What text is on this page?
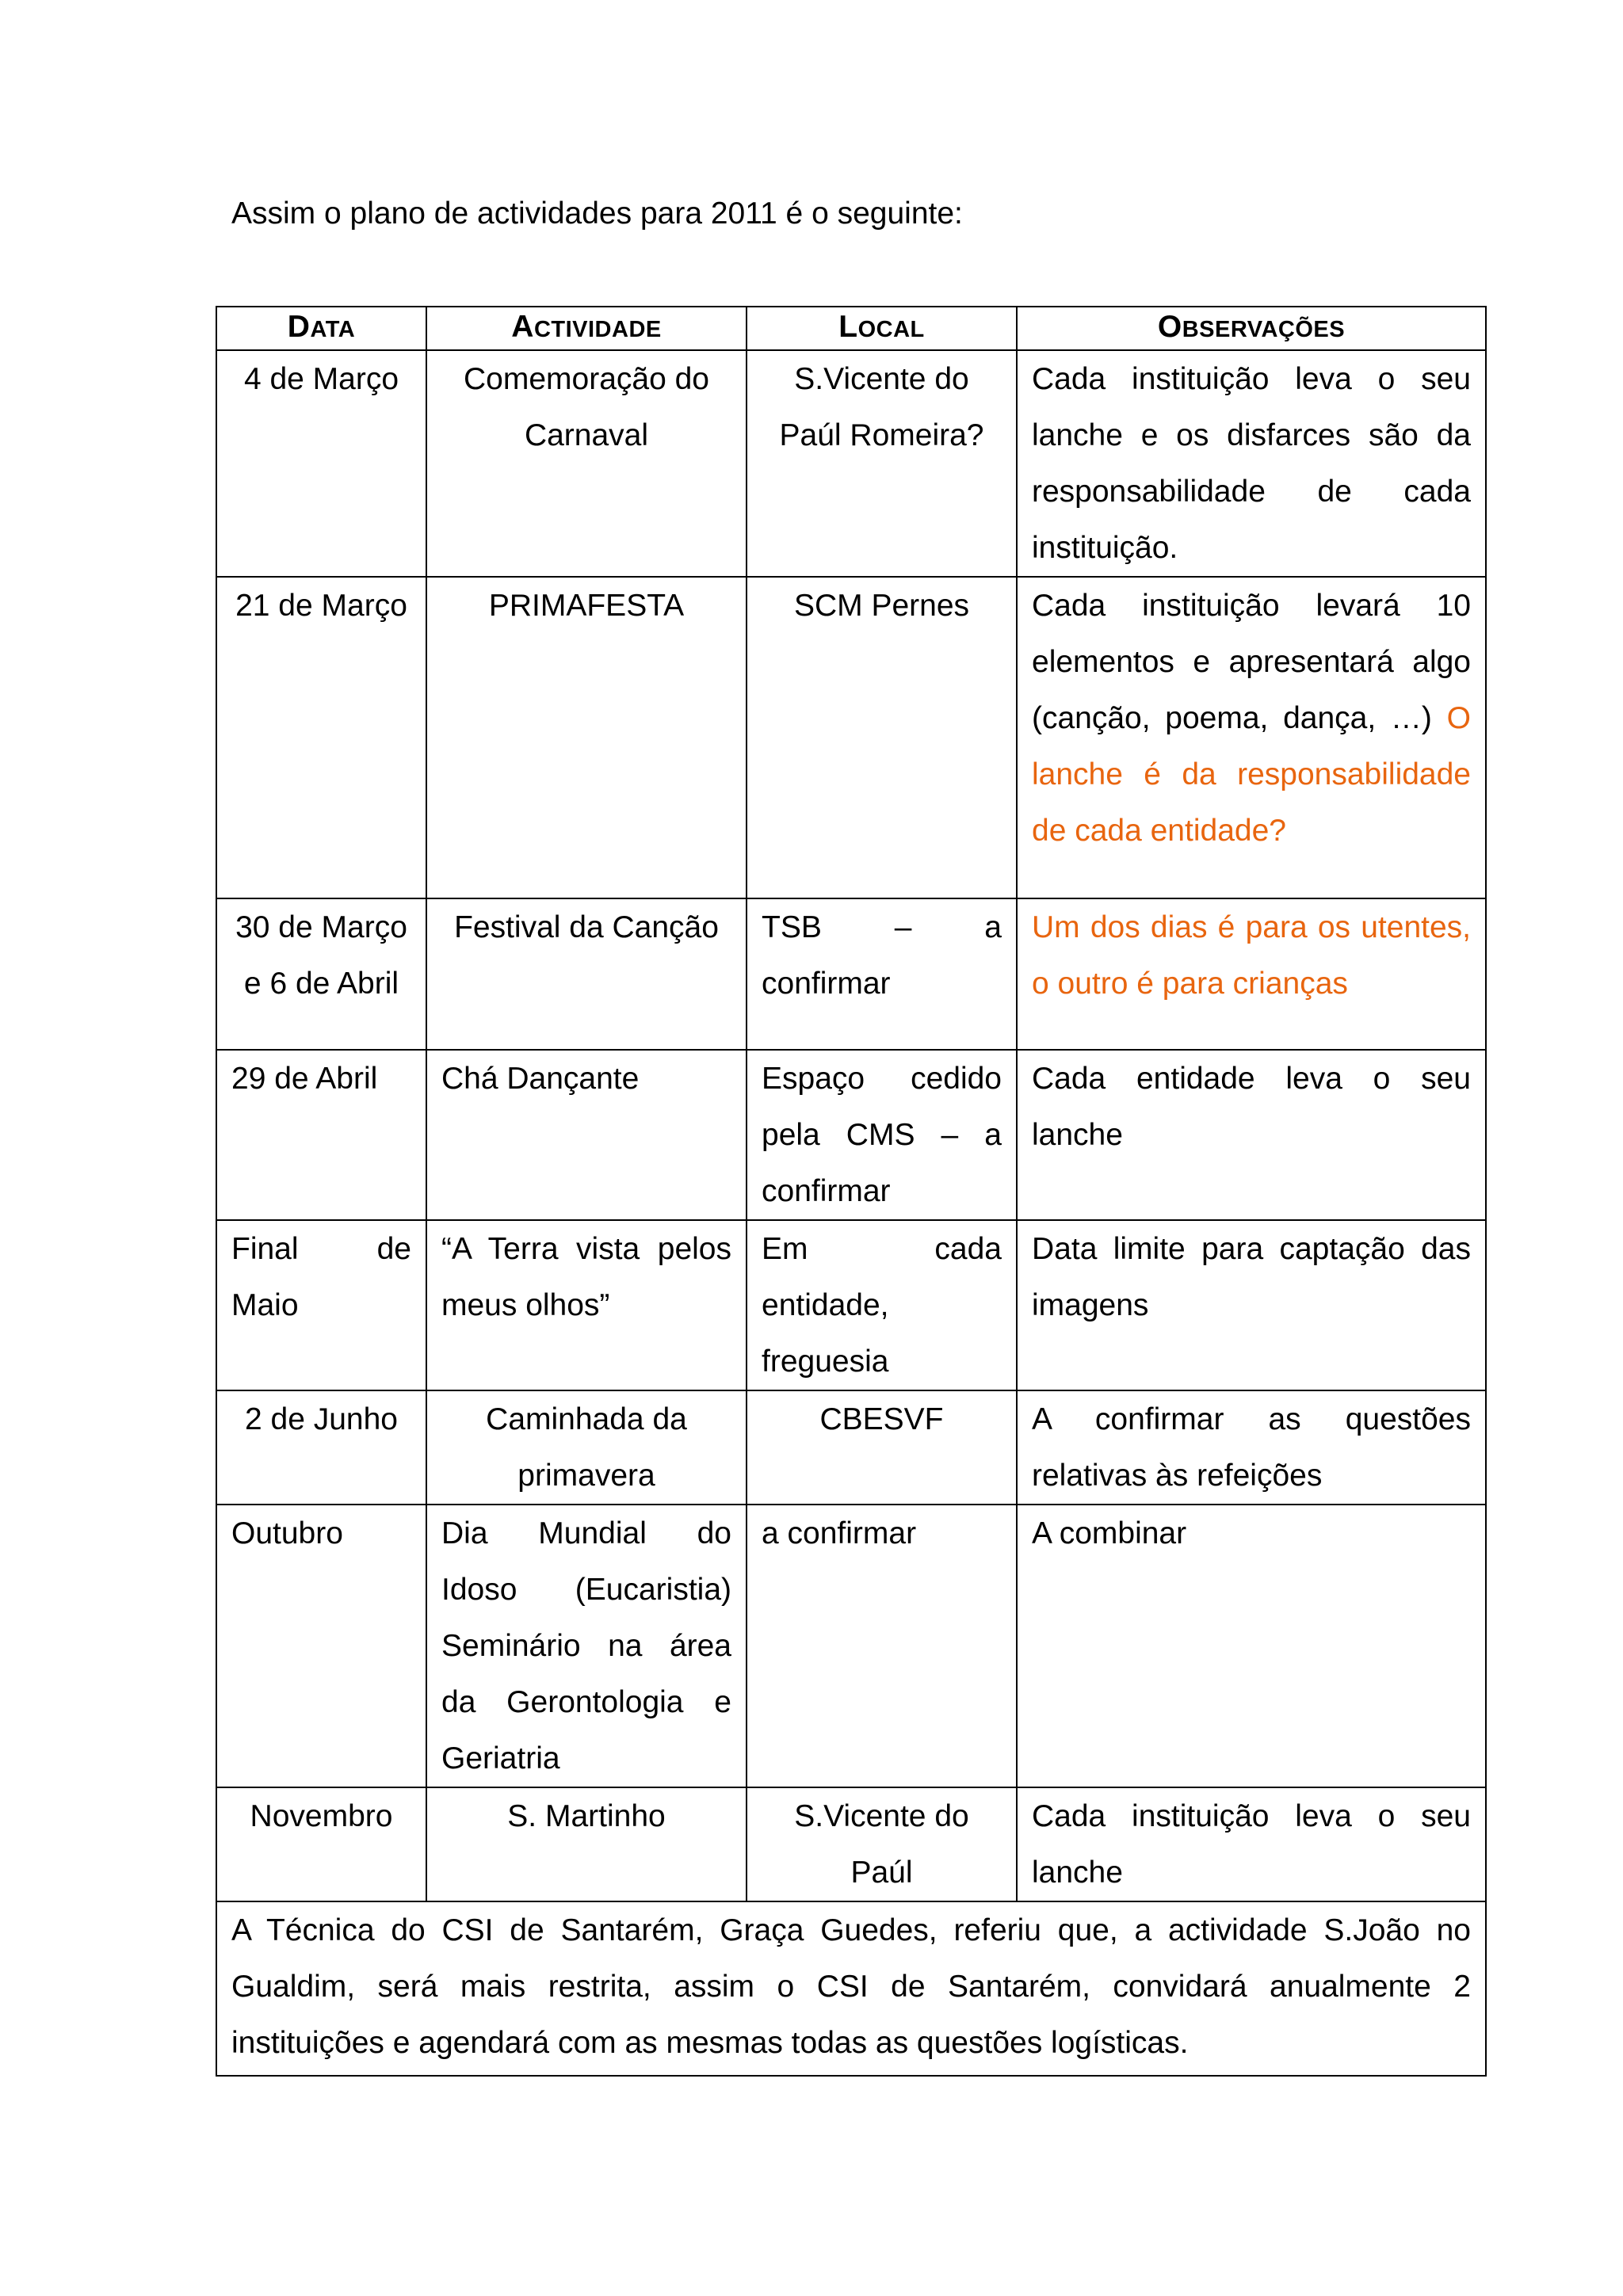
Assim o plano de actividades para 2011 é o seguinte:
DATA	ACTIVIDADE	LOCAL	OBSERVAÇÕES
4 de Março	Comemoração do Carnaval	S.Vicente do Paúl Romeira?	Cada instituição leva o seu lanche e os disfarces são da responsabilidade de cada instituição.
21 de Março	PRIMAFESTA	SCM Pernes	Cada instituição levará 10 elementos e apresentará algo (canção, poema, dança, …) O lanche é da responsabilidade de cada entidade?
30 de Março e 6 de Abril	Festival da Canção	TSB – a confirmar	Um dos dias é para os utentes, o outro é para crianças
29 de Abril	Chá Dançante	Espaço cedido pela CMS – a confirmar	Cada entidade leva o seu lanche
Final de Maio	“A Terra vista pelos meus olhos”	Em cada entidade, freguesia	Data limite para captação das imagens
2 de Junho	Caminhada da primavera	CBESVF	A confirmar as questões relativas às refeições
Outubro	Dia Mundial do Idoso (Eucaristia) Seminário na área da Gerontologia e Geriatria	a confirmar	A combinar
Novembro	S. Martinho	S.Vicente do Paúl	Cada instituição leva o seu lanche
A Técnica do CSI de Santarém, Graça Guedes, referiu que, a actividade S.João no Gualdim, será mais restrita, assim o CSI de Santarém, convidará anualmente 2 instituições e agendará com as mesmas todas as questões logísticas.			
